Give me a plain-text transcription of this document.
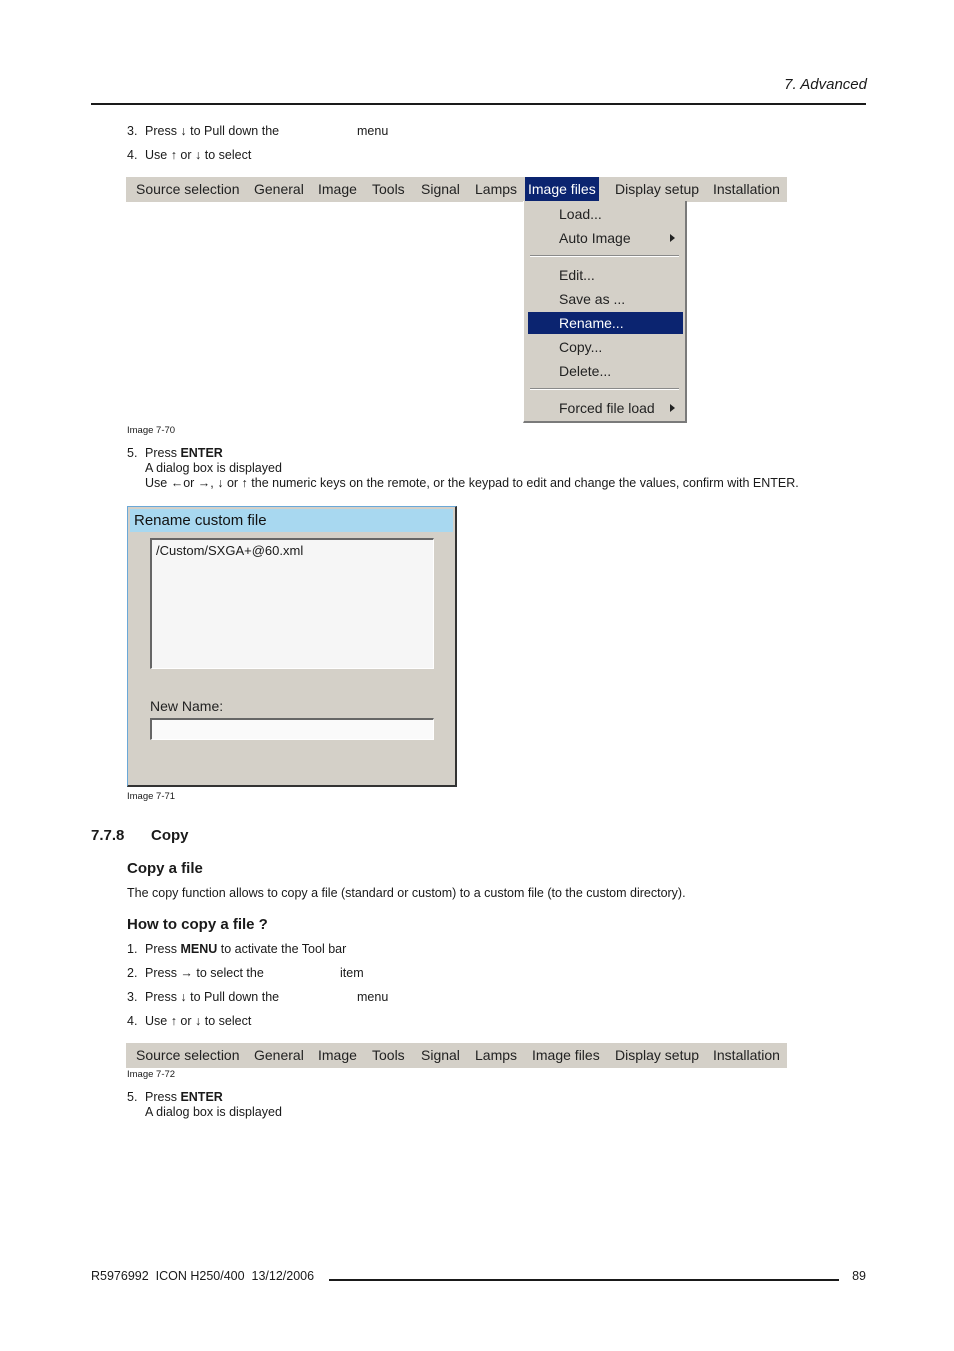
7. Advanced
3. Press ↓ to Pull down the	menu
4. Use ↑ or ↓ to select
Source selection General Image Tools Signal Lamps Image files Display setup Installation
Load...
Auto Image
Edit...
Save as ...
Rename...
Copy...
Delete...
Forced file load
Image 7-70
5. Press ENTER
A dialog box is displayed
Use ←or →, ↓ or ↑ the numeric keys on the remote, or the keypad to edit and change the values, confirm with ENTER.
Rename custom file
/Custom/SXGA+@60.xml
New Name:
Image 7-71
7.7.8 Copy
Copy a file
The copy function allows to copy a file (standard or custom) to a custom file (to the custom directory).
How to copy a file ?
1. Press MENU to activate the Tool bar
2. Press → to select the	item
3. Press ↓ to Pull down the	menu
4. Use ↑ or ↓ to select
Source selection General Image Tools Signal Lamps Image files Display setup Installation
Image 7-72
5. Press ENTER
A dialog box is displayed
R5976992  ICON H250/400  13/12/2006	89
